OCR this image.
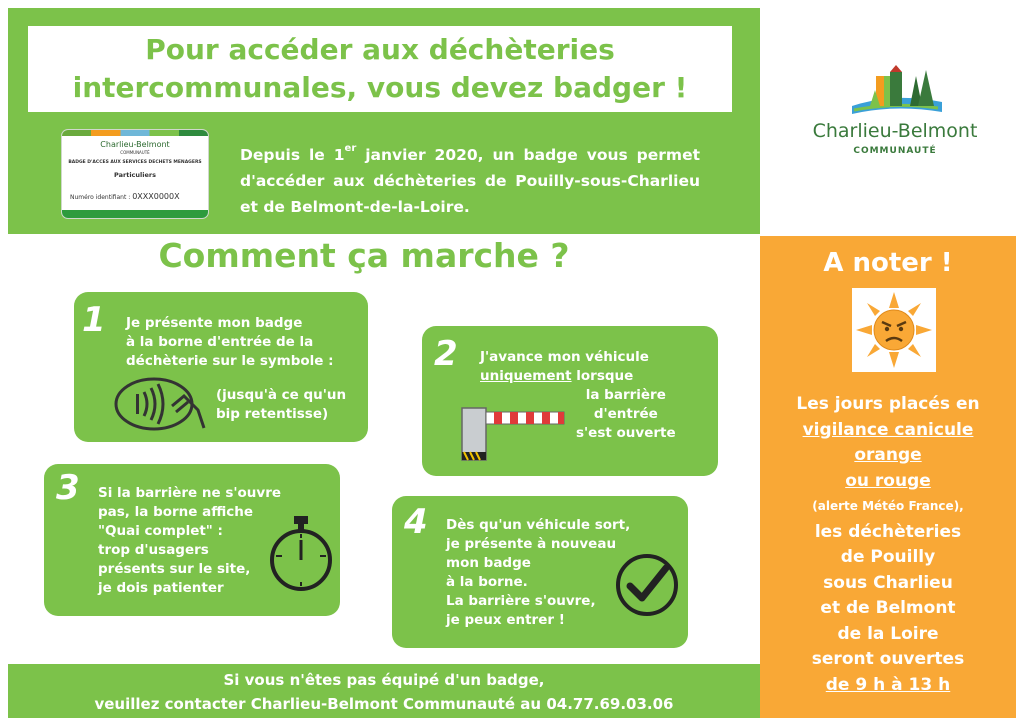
Pour accéder aux déchèteries
intercommunales, vous devez badger !
Charlieu-Belmont
COMMUNAUTÉ
BADGE D'ACCES AUX SERVICES DECHETS MENAGERS
Particuliers
Numéro identifiant : 0XXX0000X
Depuis le 1er janvier 2020, un badge vous permet d'accéder aux déchèteries de Pouilly-sous-Charlieu et de Belmont-de-la-Loire.
Charlieu-Belmont
COMMUNAUTÉ
Comment ça marche ?
1 Je présente mon badge
à la borne d'entrée de la
déchèterie sur le symbole :
(jusqu'à ce qu'un
bip retentisse)
2 J'avance mon véhicule
uniquement lorsque
la barrière
d'entrée
s'est ouverte
3 Si la barrière ne s'ouvre
pas, la borne affiche
"Quai complet" :
trop d'usagers
présents sur le site,
je dois patienter
4 Dès qu'un véhicule sort,
je présente à nouveau
mon badge
à la borne.
La barrière s'ouvre,
je peux entrer !
Si vous n'êtes pas équipé d'un badge,
veuillez contacter Charlieu-Belmont Communauté au 04.77.69.03.06
A noter !
Les jours placés en
vigilance canicule
orange
ou rouge
(alerte Météo France),
les déchèteries
de Pouilly
sous Charlieu
et de Belmont
de la Loire
seront ouvertes
de 9 h à 13 h
